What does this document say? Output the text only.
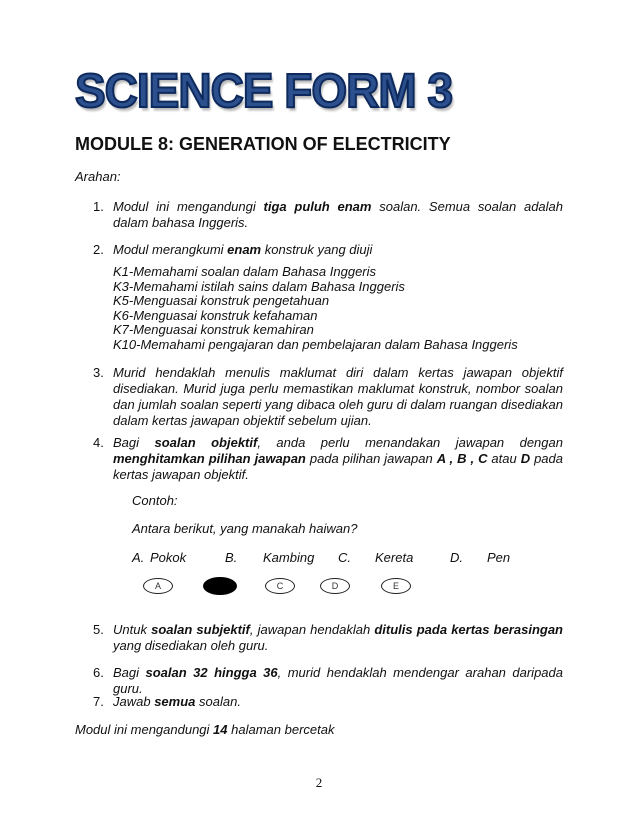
SCIENCE FORM 3
MODULE 8: GENERATION OF ELECTRICITY
Arahan:
1. Modul ini mengandungi tiga puluh enam soalan. Semua soalan adalah dalam bahasa Inggeris.
2. Modul merangkumi enam konstruk yang diuji
K1-Memahami soalan dalam Bahasa Inggeris
K3-Memahami istilah sains dalam Bahasa Inggeris
K5-Menguasai konstruk pengetahuan
K6-Menguasai konstruk kefahaman
K7-Menguasai konstruk kemahiran
K10-Memahami pengajaran dan pembelajaran dalam Bahasa Inggeris
3. Murid hendaklah menulis maklumat diri dalam kertas jawapan objektif disediakan. Murid juga perlu memastikan maklumat konstruk, nombor soalan dan jumlah soalan seperti yang dibaca oleh guru di dalam ruangan disediakan dalam kertas jawapan objektif sebelum ujian.
4. Bagi soalan objektif, anda perlu menandakan jawapan dengan menghitamkan pilihan jawapan pada pilihan jawapan A , B , C atau D pada kertas jawapan objektif.
Contoh:
Antara berikut, yang manakah haiwan?
A. Pokok	B. Kambing C. Kereta	D. Pen
A	C	D	E
5. Untuk soalan subjektif, jawapan hendaklah ditulis pada kertas berasingan yang disediakan oleh guru.
6. Bagi soalan 32 hingga 36, murid hendaklah mendengar arahan daripada guru.
7. Jawab semua soalan.
Modul ini mengandungi 14 halaman bercetak
2
